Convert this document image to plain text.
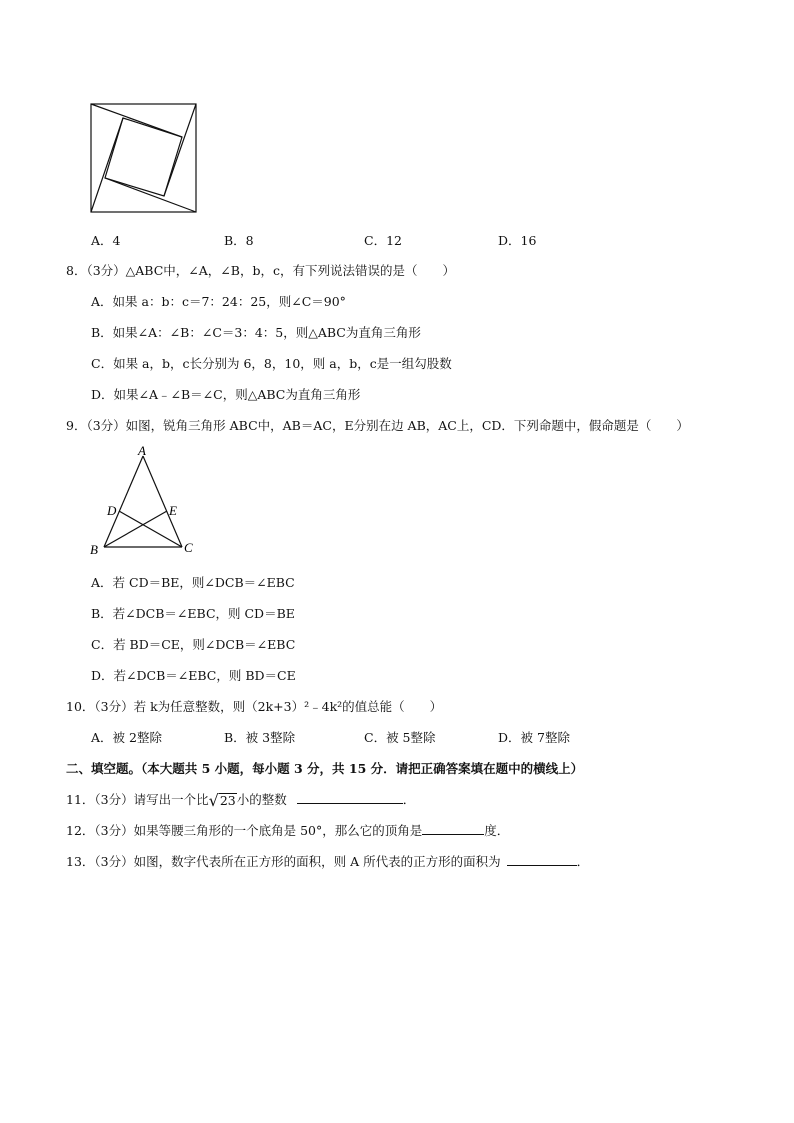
A．4	B．8	C．12	D．16
8．（3分）△ABC中，∠A，∠B，b，c，有下列说法错误的是（　　）
A．如果 a：b：c＝7：24：25，则∠C＝90°
B．如果∠A：∠B：∠C＝3：4：5，则△ABC为直角三角形
C．如果 a，b，c长分别为 6，8，10，则 a，b，c是一组勾股数
D．如果∠A﹣∠B＝∠C，则△ABC为直角三角形
9．（3分）如图，锐角三角形 ABC中，AB＝AC，E分别在边 AB，AC上，CD．下列命题中，假命题是（　　）
A
D	E
B	C
A．若 CD＝BE，则∠DCB＝∠EBC
B．若∠DCB＝∠EBC，则 CD＝BE
C．若 BD＝CE，则∠DCB＝∠EBC
D．若∠DCB＝∠EBC，则 BD＝CE
10．（3分）若 k为任意整数，则（2k+3）²﹣4k²的值总能（　　）
A．被 2整除	B．被 3整除	C．被 5整除	D．被 7整除
二、填空题。（本大题共 5 小题，每小题 3 分，共 15 分．请把正确答案填在题中的横线上）
11．（3分）请写出一个比 √ 23 小的整数	．
12．（3分）如果等腰三角形的一个底角是 50°，那么它的顶角是	度．
13．（3分）如图，数字代表所在正方形的面积，则 A 所代表的正方形的面积为	．
